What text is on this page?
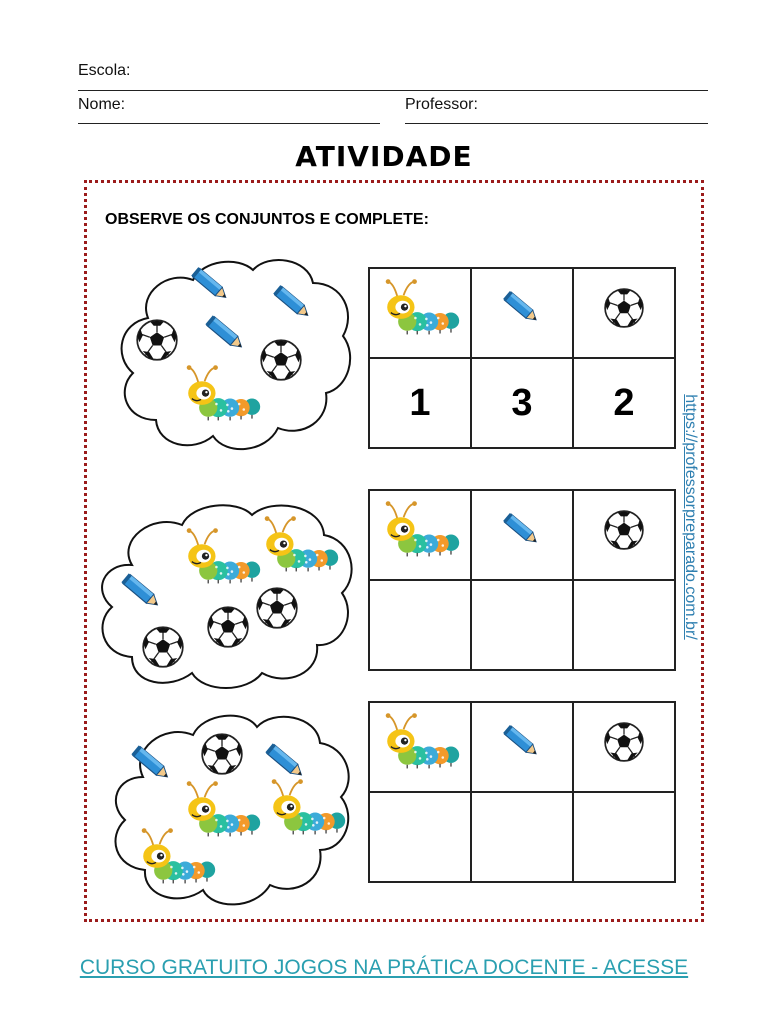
Escola:
Nome:	Professor:
ATIVIDADE
OBSERVE OS CONJUNTOS E COMPLETE:

1	3	2

			https://professorpreparado.com.br/
CURSO GRATUITO JOGOS NA PRÁTICA DOCENTE - ACESSE
